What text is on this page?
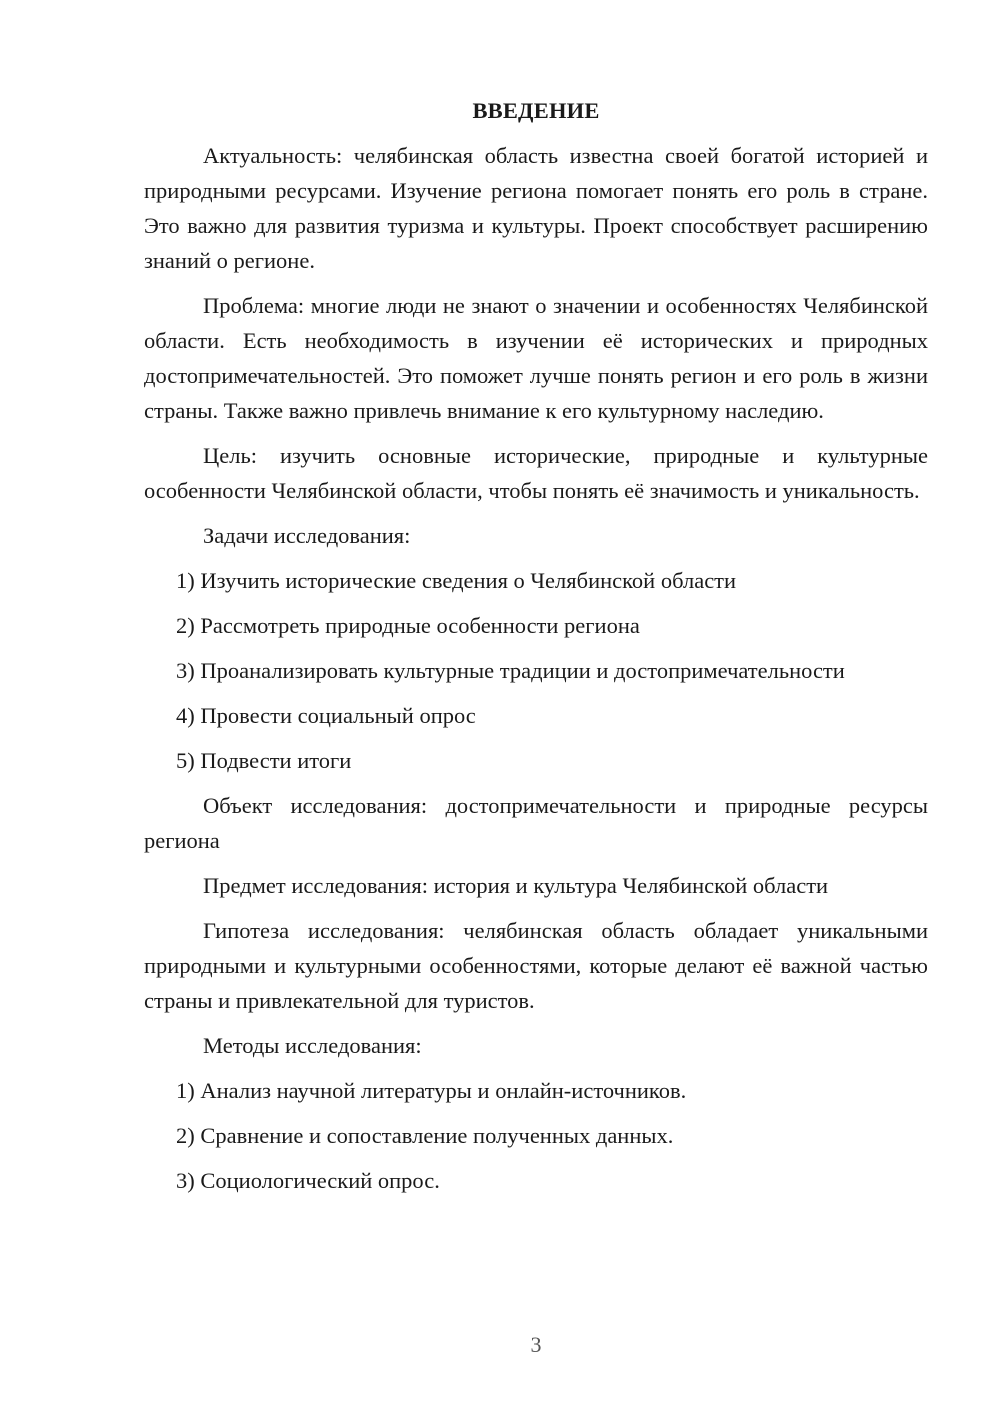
ВВЕДЕНИЕ
Актуальность: челябинская область известна своей богатой историей и природными ресурсами. Изучение региона помогает понять его роль в стране. Это важно для развития туризма и культуры. Проект способствует расширению знаний о регионе.
Проблема: многие люди не знают о значении и особенностях Челябинской области. Есть необходимость в изучении её исторических и природных достопримечательностей. Это поможет лучше понять регион и его роль в жизни страны. Также важно привлечь внимание к его культурному наследию.
Цель: изучить основные исторические, природные и культурные особенности Челябинской области, чтобы понять её значимость и уникальность.
Задачи исследования:
1) Изучить исторические сведения о Челябинской области
2) Рассмотреть природные особенности региона
3) Проанализировать культурные традиции и достопримечательности
4) Провести социальный опрос
5) Подвести итоги
Объект исследования: достопримечательности и природные ресурсы региона
Предмет исследования: история и культура Челябинской области
Гипотеза исследования: челябинская область обладает уникальными природными и культурными особенностями, которые делают её важной частью страны и привлекательной для туристов.
Методы исследования:
1) Анализ научной литературы и онлайн-источников.
2) Сравнение и сопоставление полученных данных.
3) Социологический опрос.
3
